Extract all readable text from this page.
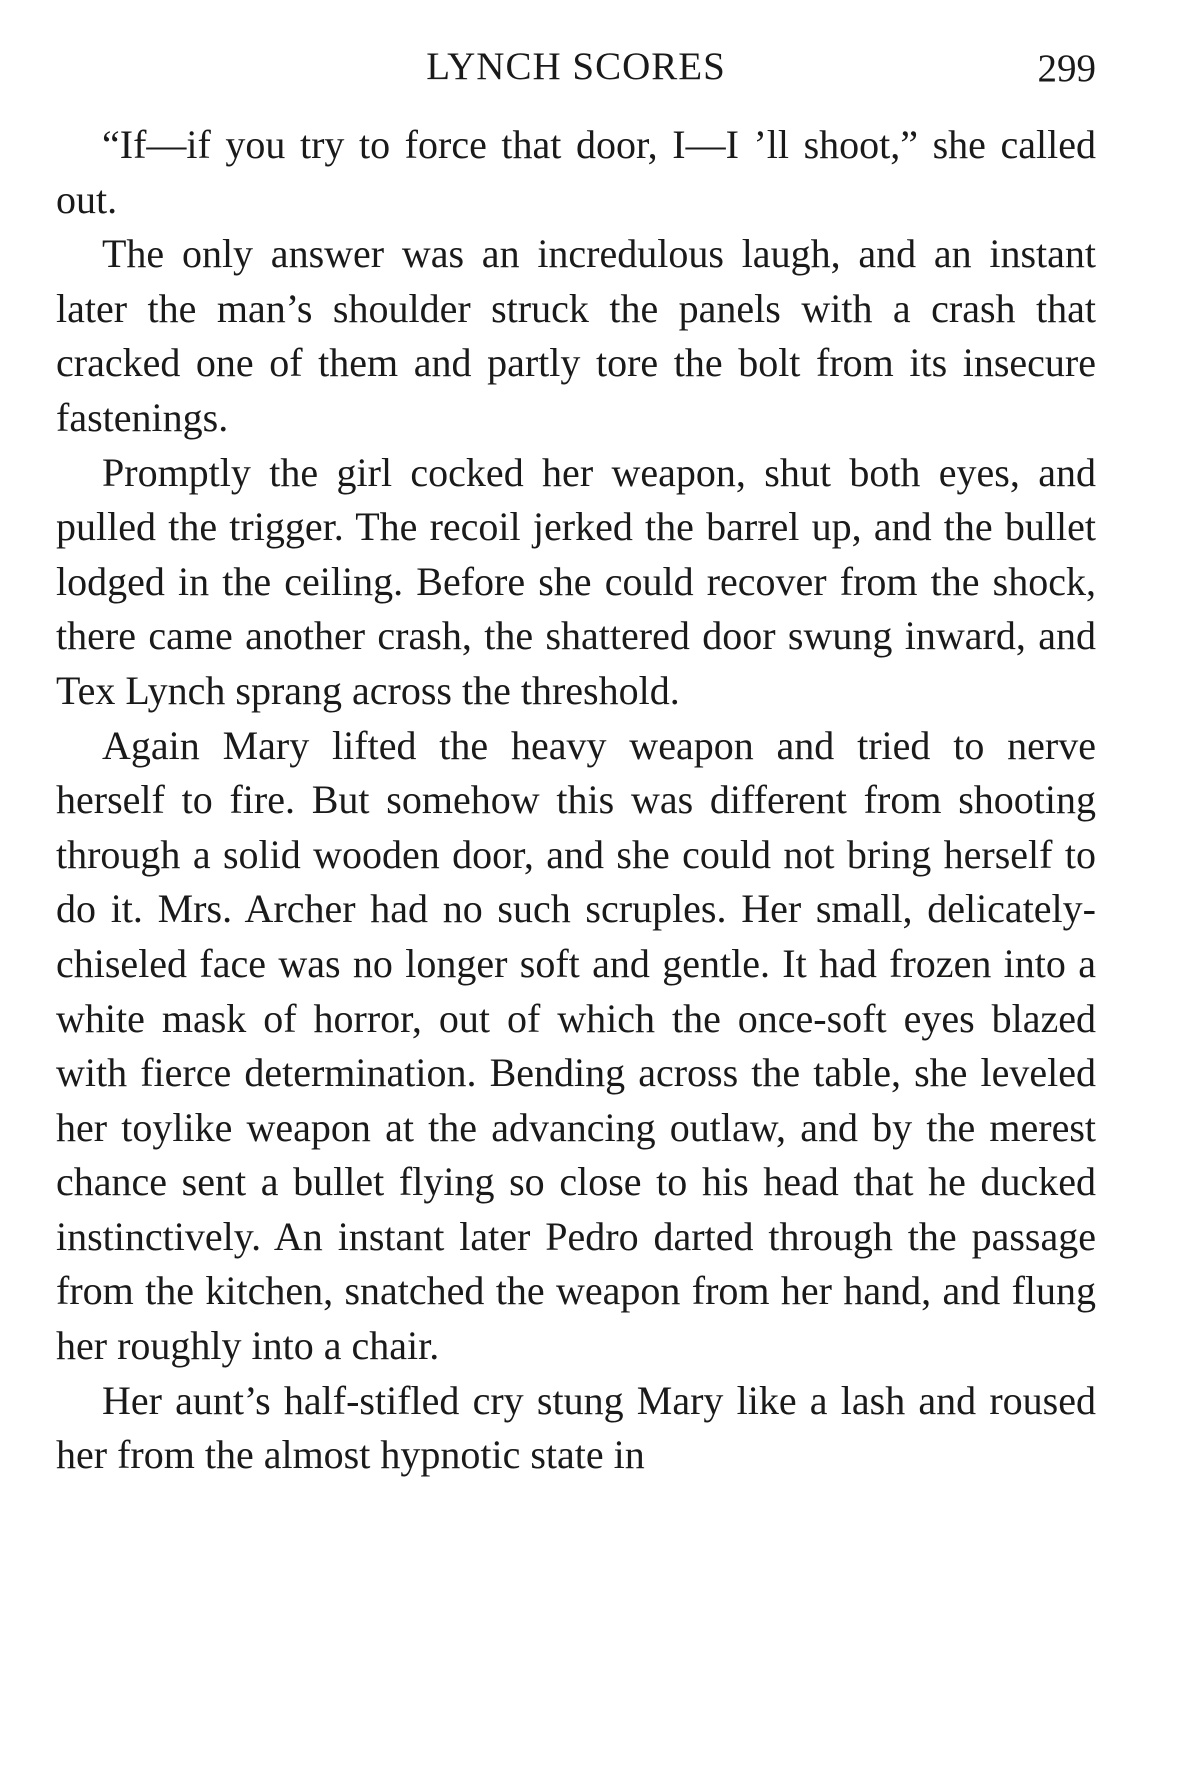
LYNCH SCORES	299

“If—if you try to force that door, I—I ’ll shoot,” she called out.

The only answer was an incredulous laugh, and an instant later the man’s shoulder struck the panels with a crash that cracked one of them and partly tore the bolt from its insecure fastenings.

Promptly the girl cocked her weapon, shut both eyes, and pulled the trigger. The recoil jerked the barrel up, and the bullet lodged in the ceiling. Before she could recover from the shock, there came another crash, the shattered door swung inward, and Tex Lynch sprang across the threshold.

Again Mary lifted the heavy weapon and tried to nerve herself to fire. But somehow this was different from shooting through a solid wooden door, and she could not bring herself to do it. Mrs. Archer had no such scruples. Her small, delicately-chiseled face was no longer soft and gentle. It had frozen into a white mask of horror, out of which the once-soft eyes blazed with fierce determination. Bending across the table, she leveled her toylike weapon at the advancing outlaw, and by the merest chance sent a bullet flying so close to his head that he ducked instinctively. An instant later Pedro darted through the passage from the kitchen, snatched the weapon from her hand, and flung her roughly into a chair.

Her aunt’s half-stifled cry stung Mary like a lash and roused her from the almost hypnotic state in
